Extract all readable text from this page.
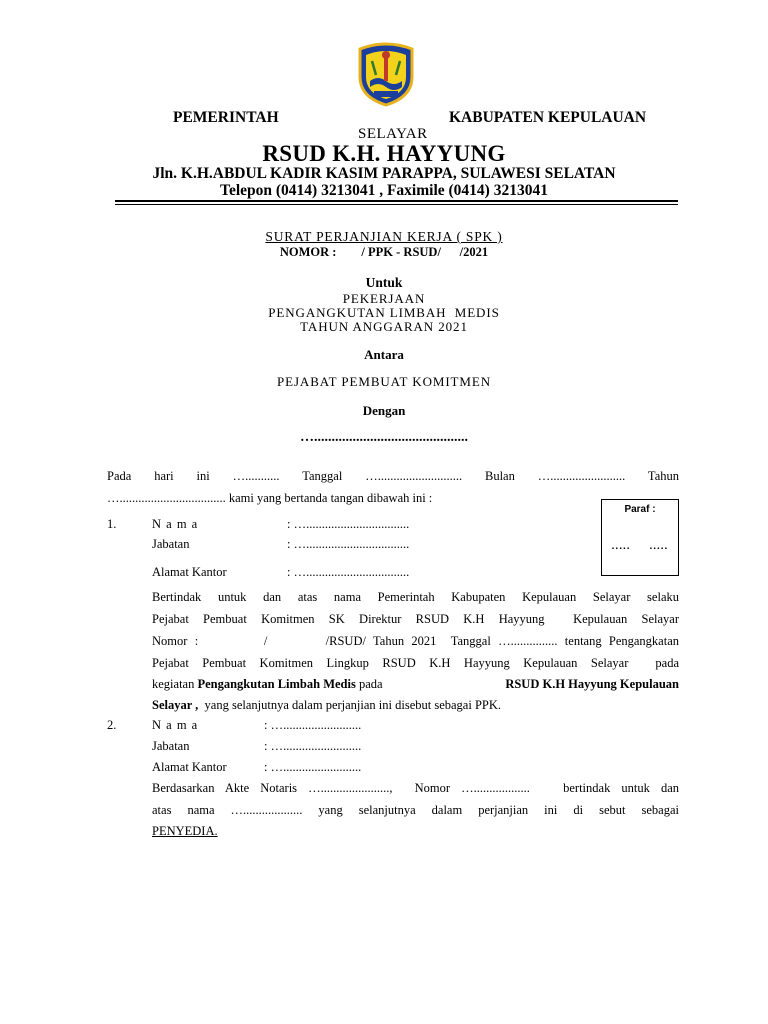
PEMERINTAH	KABUPATEN KEPULAUAN
SELAYAR
RSUD K.H. HAYYUNG
Jln. K.H.ABDUL KADIR KASIM PARAPPA, SULAWESI SELATAN
Telepon (0414) 3213041 , Faximile (0414) 3213041
SURAT PERJANJIAN KERJA ( SPK )
NOMOR :        / PPK - RSUD/      /2021
Untuk
PEKERJAAN
PENGANGKUTAN LIMBAH  MEDIS
TAHUN ANGGARAN 2021
Antara
PEJABAT PEMBUAT KOMITMEN
Dengan
…............................................
Pada hari ini …........... Tanggal …........................... Bulan …........................ Tahun
….................................. kami yang bertanda tangan dibawah ini :
Paraf :
.....     .....
1.	N a m a	: ….................................
Jabatan	: ….................................
Alamat Kantor	: ….................................
Bertindak untuk dan atas nama Pemerintah Kabupaten Kepulauan Selayar selaku
Pejabat Pembuat Komitmen SK Direktur RSUD K.H Hayyung  Kepulauan Selayar
Nomor :         /        /RSUD/ Tahun 2021  Tanggal …............... tentang Pengangkatan
Pejabat Pembuat Komitmen Lingkup RSUD K.H Hayyung Kepulauan Selayar  pada
kegiatan Pengangkutan Limbah Medis pada	RSUD K.H Hayyung Kepulauan
Selayar ,  yang selanjutnya dalam perjanjian ini disebut sebagai PPK.
2.	N a m a	: ….........................
Jabatan	: ….........................
Alamat Kantor	: ….........................
Berdasarkan Akte Notaris …......................,  Nomor …..................   bertindak untuk dan
atas nama …................... yang selanjutnya dalam perjanjian ini di sebut sebagai
PENYEDIA.
